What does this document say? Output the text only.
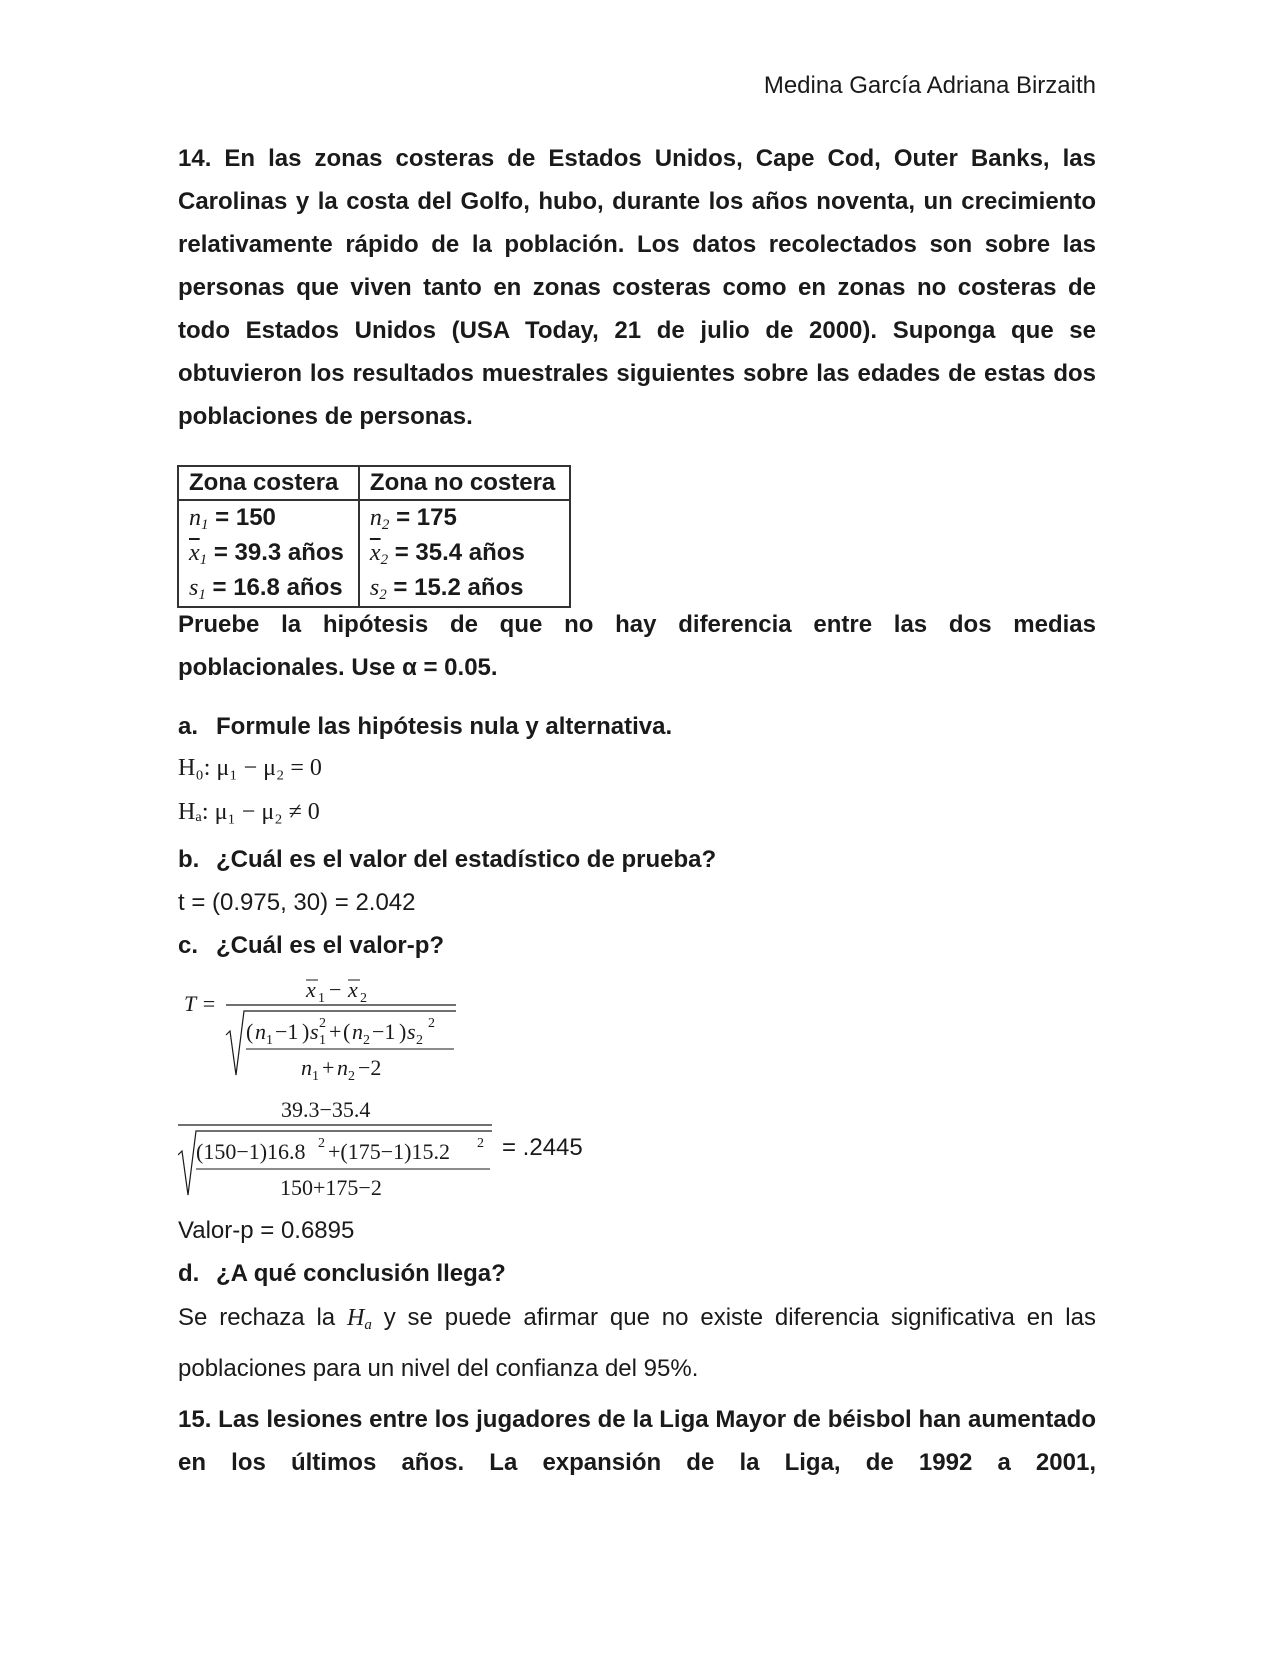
Medina García Adriana Birzaith
14. En las zonas costeras de Estados Unidos, Cape Cod, Outer Banks, las Carolinas y la costa del Golfo, hubo, durante los años noventa, un crecimiento relativamente rápido de la población. Los datos recolectados son sobre las personas que viven tanto en zonas costeras como en zonas no costeras de todo Estados Unidos (USA Today, 21 de julio de 2000). Suponga que se obtuvieron los resultados muestrales siguientes sobre las edades de estas dos poblaciones de personas.
Zona costera	Zona no costera
$n_1 = 150$	$n_2 = 175$
$\overline{x}_1 = 39.3$ años	$\overline{x}_2 = 35.4$ años
$s_1 = 16.8$ años	$s_2 = 15.2$ años
Pruebe la hipótesis de que no hay diferencia entre las dos medias poblacionales. Use α = 0.05.
a. Formule las hipótesis nula y alternativa.
H₀: μ₁ − μ₂ = 0
Hₐ: μ₁ − μ₂ ≠ 0
b. ¿Cuál es el valor del estadístico de prueba?
t = (0.975, 30) = 2.042
c. ¿Cuál es el valor-p?
T =
x 1 − x 2
( n 1 −1 ) s 1
2 + ( n 2 −1 ) s 2
2
n 1 + n 2 −2
39.3−35.4
(150−1)16.8 2 +(175−1)15.2 2
150+175−2
= .2445
Valor-p = 0.6895
d. ¿A qué conclusión llega?
Se rechaza la $H_a$ y se puede afirmar que no existe diferencia significativa en las poblaciones para un nivel del confianza del 95%.
15. Las lesiones entre los jugadores de la Liga Mayor de béisbol han aumentado en los últimos años. La expansión de la Liga, de 1992 a 2001,
